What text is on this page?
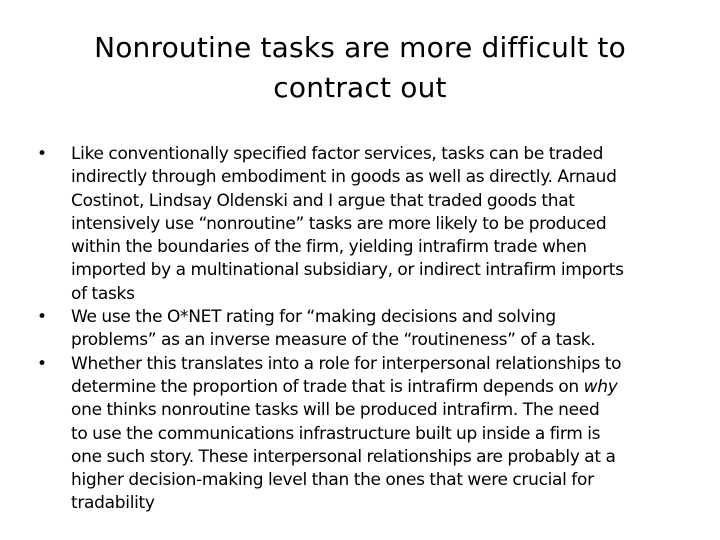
Nonroutine tasks are more difficult to
contract out
• Like conventionally specified factor services, tasks can be traded
indirectly through embodiment in goods as well as directly. Arnaud
Costinot, Lindsay Oldenski and I argue that traded goods that
intensively use “nonroutine” tasks are more likely to be produced
within the boundaries of the firm, yielding intrafirm trade when
imported by a multinational subsidiary, or indirect intrafirm imports
of tasks
• We use the O*NET rating for “making decisions and solving
problems” as an inverse measure of the “routineness” of a task.
• Whether this translates into a role for interpersonal relationships to
determine the proportion of trade that is intrafirm depends on why
one thinks nonroutine tasks will be produced intrafirm. The need
to use the communications infrastructure built up inside a firm is
one such story. These interpersonal relationships are probably at a
higher decision-making level than the ones that were crucial for
tradability
